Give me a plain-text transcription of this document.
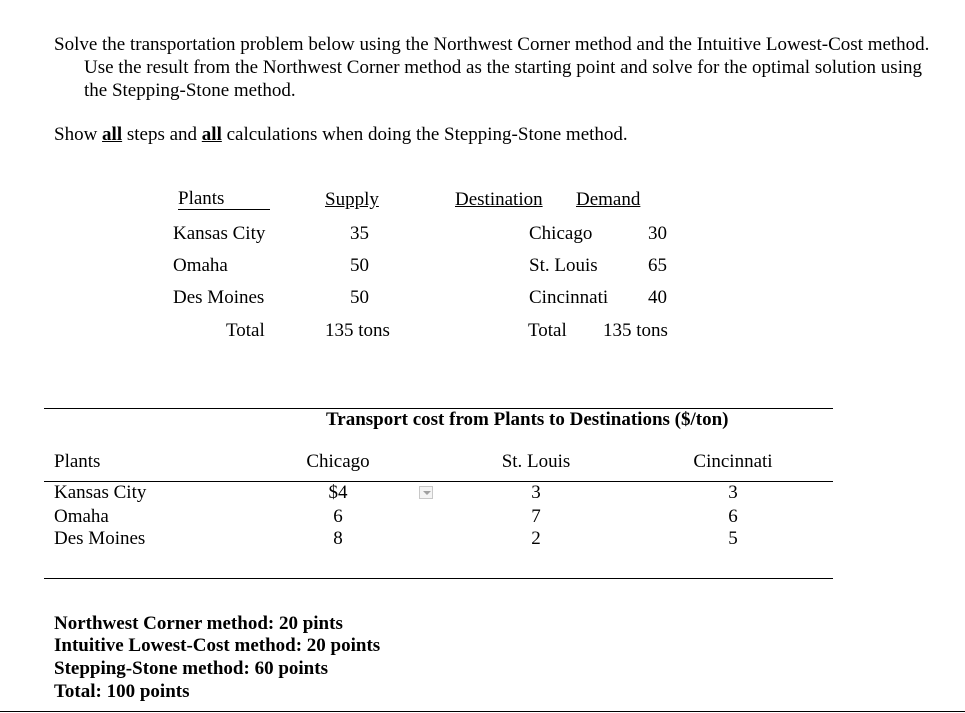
Solve the transportation problem below using the Northwest Corner method and the Intuitive Lowest-Cost method. Use the result from the Northwest Corner method as the starting point and solve for the optimal solution using the Stepping-Stone method.

Show all steps and all calculations when doing the Stepping-Stone method.
Plants	Supply
Kansas City	35
Omaha	50
Des Moines	50
Total	135 tons
Destination Demand
Chicago	30
St. Louis	65
Cincinnati 40
Total 135 tons
Transport cost from Plants to Destinations ($/ton)
Plants	Chicago	St. Louis	Cincinnati
Kansas City	$4	3	3
Omaha	6	7	6
Des Moines	8	2	5
Northwest Corner method: 20 pints
Intuitive Lowest-Cost method: 20 points
Stepping-Stone method: 60 points
Total: 100 points
